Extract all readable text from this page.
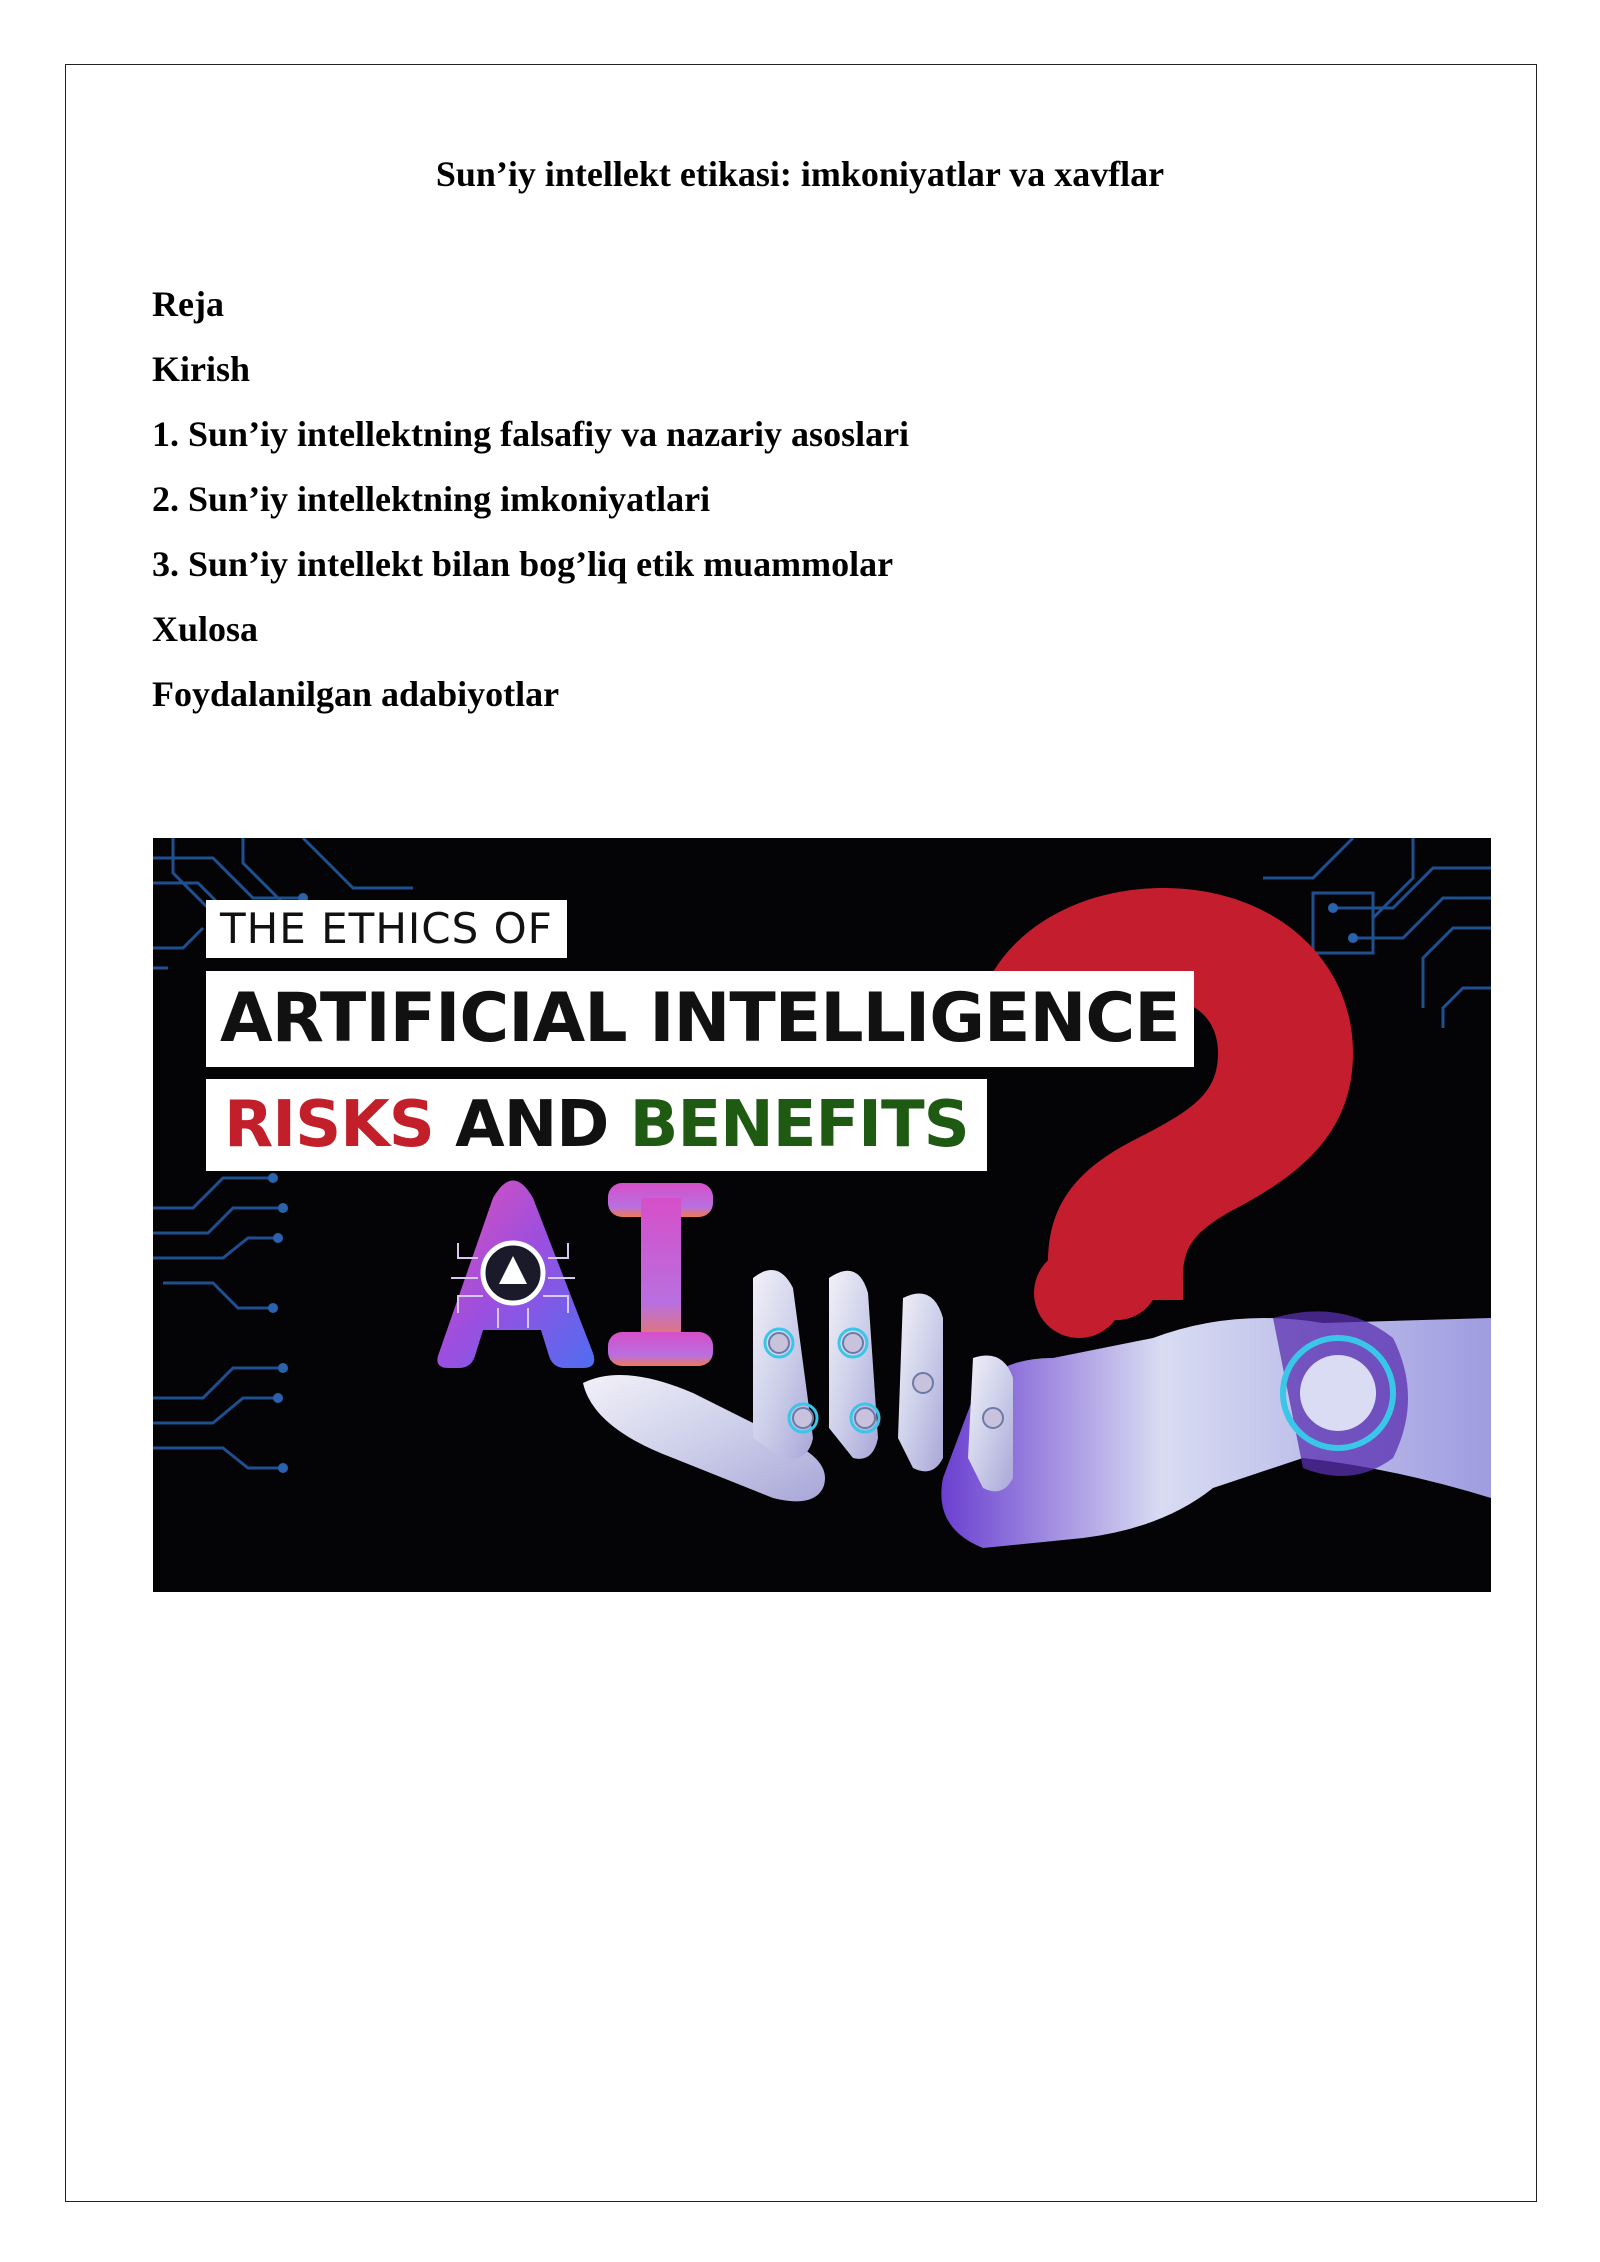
Sun’iy intellekt etikasi: imkoniyatlar va xavflar
Reja
Kirish
1. Sun’iy intellektning falsafiy va nazariy asoslari
2. Sun’iy intellektning imkoniyatlari
3. Sun’iy intellekt bilan bog’liq etik muammolar
Xulosa
Foydalanilgan adabiyotlar
THE ETHICS OF
ARTIFICIAL INTELLIGENCE
RISKS AND BENEFITS
